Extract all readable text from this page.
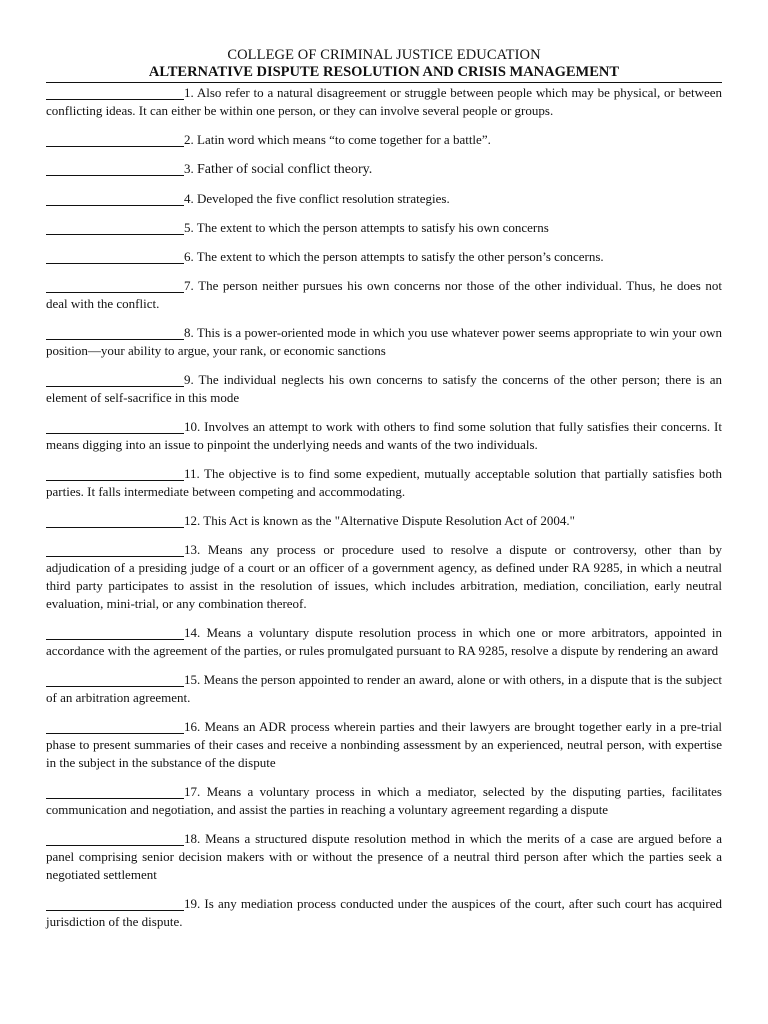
COLLEGE OF CRIMINAL JUSTICE EDUCATION
ALTERNATIVE DISPUTE RESOLUTION AND CRISIS MANAGEMENT

1. Also refer to a natural disagreement or struggle between people which may be physical, or between conflicting ideas. It can either be within one person, or they can involve several people or groups.

2. Latin word which means “to come together for a battle”.

3. Father of social conflict theory.

4. Developed the five conflict resolution strategies.

5. The extent to which the person attempts to satisfy his own concerns

6. The extent to which the person attempts to satisfy the other person’s concerns.

7. The person neither pursues his own concerns nor those of the other individual. Thus, he does not deal with the conflict.

8. This is a power-oriented mode in which you use whatever power seems appropriate to win your own position—your ability to argue, your rank, or economic sanctions

9. The individual neglects his own concerns to satisfy the concerns of the other person; there is an element of self-sacrifice in this mode

10. Involves an attempt to work with others to find some solution that fully satisfies their concerns. It means digging into an issue to pinpoint the underlying needs and wants of the two individuals.

11. The objective is to find some expedient, mutually acceptable solution that partially satisfies both parties. It falls intermediate between competing and accommodating.

12. This Act is known as the "Alternative Dispute Resolution Act of 2004."

13. Means any process or procedure used to resolve a dispute or controversy, other than by adjudication of a presiding judge of a court or an officer of a government agency, as defined under RA 9285, in which a neutral third party participates to assist in the resolution of issues, which includes arbitration, mediation, conciliation, early neutral evaluation, mini-trial, or any combination thereof.

14. Means a voluntary dispute resolution process in which one or more arbitrators, appointed in accordance with the agreement of the parties, or rules promulgated pursuant to RA 9285, resolve a dispute by rendering an award

15. Means the person appointed to render an award, alone or with others, in a dispute that is the subject of an arbitration agreement.

16. Means an ADR process wherein parties and their lawyers are brought together early in a pre-trial phase to present summaries of their cases and receive a nonbinding assessment by an experienced, neutral person, with expertise in the subject in the substance of the dispute

17. Means a voluntary process in which a mediator, selected by the disputing parties, facilitates communication and negotiation, and assist the parties in reaching a voluntary agreement regarding a dispute

18. Means a structured dispute resolution method in which the merits of a case are argued before a panel comprising senior decision makers with or without the presence of a neutral third person after which the parties seek a negotiated settlement

19. Is any mediation process conducted under the auspices of the court, after such court has acquired jurisdiction of the dispute.
